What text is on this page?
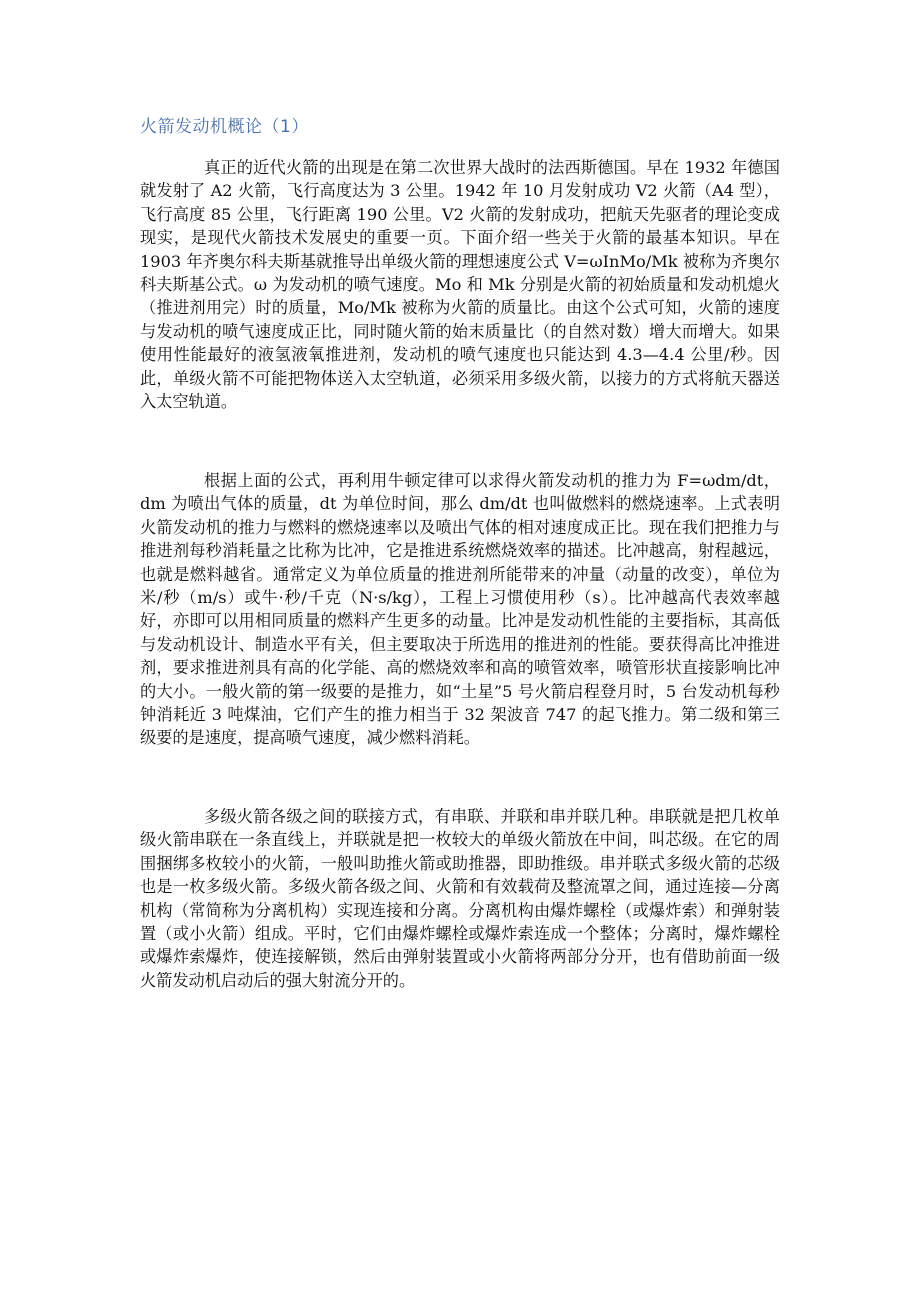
火箭发动机概论（1）

真正的近代火箭的出现是在第二次世界大战时的法西斯德国。早在 1932 年德国就发射了 A2 火箭，飞行高度达为 3 公里。1942 年 10 月发射成功 V2 火箭（A4 型），飞行高度 85 公里，飞行距离 190 公里。V2 火箭的发射成功，把航天先驱者的理论变成现实，是现代火箭技术发展史的重要一页。下面介绍一些关于火箭的最基本知识。早在 1903 年齐奥尔科夫斯基就推导出单级火箭的理想速度公式 V=ωInMo/Mk 被称为齐奥尔科夫斯基公式。ω 为发动机的喷气速度。Mo 和 Mk 分别是火箭的初始质量和发动机熄火（推进剂用完）时的质量，Mo/Mk 被称为火箭的质量比。由这个公式可知，火箭的速度与发动机的喷气速度成正比，同时随火箭的始末质量比（的自然对数）增大而增大。如果使用性能最好的液氢液氧推进剂，发动机的喷气速度也只能达到 4.3—4.4 公里/秒。因此，单级火箭不可能把物体送入太空轨道，必须采用多级火箭，以接力的方式将航天器送入太空轨道。

根据上面的公式，再利用牛顿定律可以求得火箭发动机的推力为 F=ωdm/dt，dm 为喷出气体的质量，dt 为单位时间，那么 dm/dt 也叫做燃料的燃烧速率。上式表明火箭发动机的推力与燃料的燃烧速率以及喷出气体的相对速度成正比。现在我们把推力与推进剂每秒消耗量之比称为比冲，它是推进系统燃烧效率的描述。比冲越高，射程越远，也就是燃料越省。通常定义为单位质量的推进剂所能带来的冲量（动量的改变），单位为米/秒（m/s）或牛·秒/千克（N·s/kg），工程上习惯使用秒（s）。比冲越高代表效率越好，亦即可以用相同质量的燃料产生更多的动量。比冲是发动机性能的主要指标，其高低与发动机设计、制造水平有关，但主要取决于所选用的推进剂的性能。要获得高比冲推进剂，要求推进剂具有高的化学能、高的燃烧效率和高的喷管效率，喷管形状直接影响比冲的大小。一般火箭的第一级要的是推力，如“土星”5 号火箭启程登月时，5 台发动机每秒钟消耗近 3 吨煤油，它们产生的推力相当于 32 架波音 747 的起飞推力。第二级和第三级要的是速度，提高喷气速度，减少燃料消耗。

多级火箭各级之间的联接方式，有串联、并联和串并联几种。串联就是把几枚单级火箭串联在一条直线上，并联就是把一枚较大的单级火箭放在中间，叫芯级。在它的周围捆绑多枚较小的火箭，一般叫助推火箭或助推器，即助推级。串并联式多级火箭的芯级也是一枚多级火箭。多级火箭各级之间、火箭和有效载荷及整流罩之间，通过连接—分离机构（常简称为分离机构）实现连接和分离。分离机构由爆炸螺栓（或爆炸索）和弹射装置（或小火箭）组成。平时，它们由爆炸螺栓或爆炸索连成一个整体；分离时，爆炸螺栓或爆炸索爆炸，使连接解锁，然后由弹射装置或小火箭将两部分分开，也有借助前面一级火箭发动机启动后的强大射流分开的。
